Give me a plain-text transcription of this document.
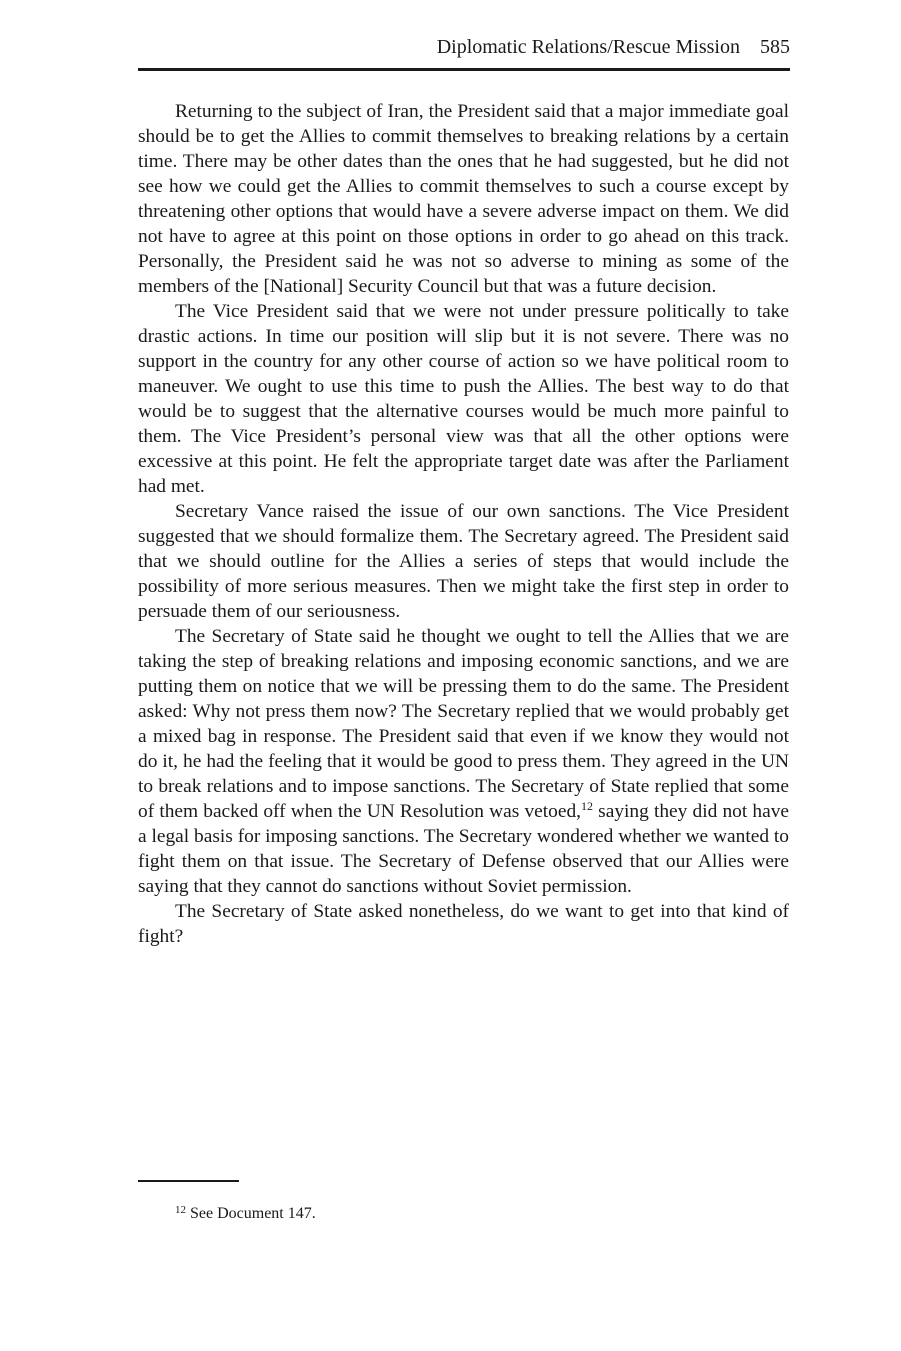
Diplomatic Relations/Rescue Mission 585

Returning to the subject of Iran, the President said that a major immediate goal should be to get the Allies to commit themselves to breaking relations by a certain time. There may be other dates than the ones that he had suggested, but he did not see how we could get the Allies to commit themselves to such a course except by threatening other options that would have a severe adverse impact on them. We did not have to agree at this point on those options in order to go ahead on this track. Personally, the President said he was not so adverse to mining as some of the members of the [National] Security Council but that was a future decision.

The Vice President said that we were not under pressure politically to take drastic actions. In time our position will slip but it is not severe. There was no support in the country for any other course of action so we have political room to maneuver. We ought to use this time to push the Allies. The best way to do that would be to suggest that the alternative courses would be much more painful to them. The Vice President’s personal view was that all the other options were excessive at this point. He felt the appropriate target date was after the Parliament had met.

Secretary Vance raised the issue of our own sanctions. The Vice President suggested that we should formalize them. The Secretary agreed. The President said that we should outline for the Allies a series of steps that would include the possibility of more serious measures. Then we might take the first step in order to persuade them of our seriousness.

The Secretary of State said he thought we ought to tell the Allies that we are taking the step of breaking relations and imposing economic sanctions, and we are putting them on notice that we will be pressing them to do the same. The President asked: Why not press them now? The Secretary replied that we would probably get a mixed bag in response. The President said that even if we know they would not do it, he had the feeling that it would be good to press them. They agreed in the UN to break relations and to impose sanctions. The Secretary of State replied that some of them backed off when the UN Resolution was vetoed,$^{12}$ saying they did not have a legal basis for imposing sanctions. The Secretary wondered whether we wanted to fight them on that issue. The Secretary of Defense observed that our Allies were saying that they cannot do sanctions without Soviet permission.

The Secretary of State asked nonetheless, do we want to get into that kind of fight?

$^{12}$ See Document 147.
